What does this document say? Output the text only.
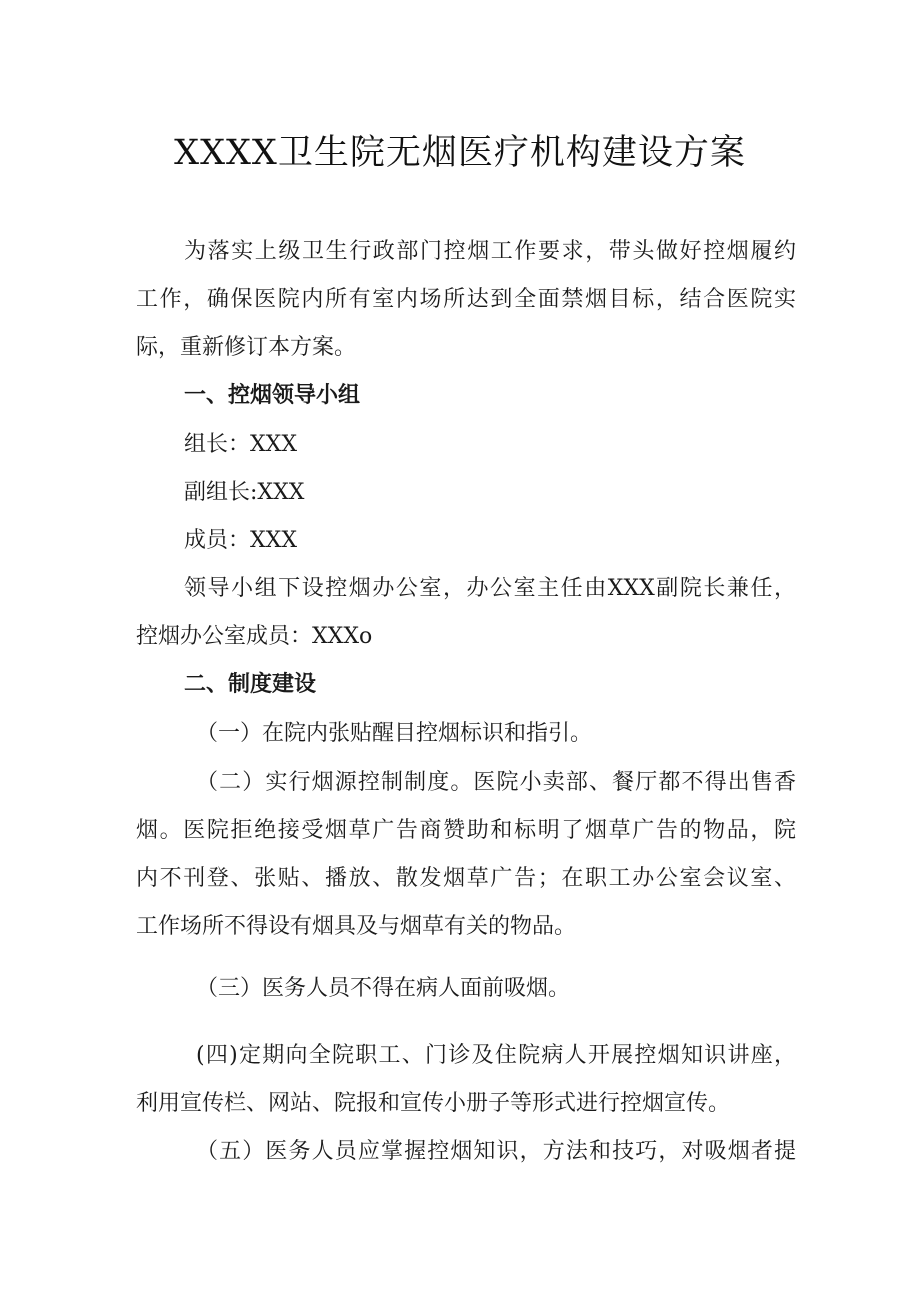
XXXX卫生院无烟医疗机构建设方案
为落实上级卫生行政部门控烟工作要求，带头做好控烟履约
工作，确保医院内所有室内场所达到全面禁烟目标，结合医院实
际，重新修订本方案。
一、控烟领导小组
组长：XXX
副组长:XXX
成员：XXX
领导小组下设控烟办公室，办公室主任由XXX副院长兼任，
控烟办公室成员：XXXo
二、制度建设
（一）在院内张贴醒目控烟标识和指引。
（二）实行烟源控制制度。医院小卖部、餐厅都不得出售香
烟。医院拒绝接受烟草广告商赞助和标明了烟草广告的物品，院
内不刊登、张贴、播放、散发烟草广告；在职工办公室会议室、
工作场所不得设有烟具及与烟草有关的物品。
（三）医务人员不得在病人面前吸烟。
(四)定期向全院职工、门诊及住院病人开展控烟知识讲座，
利用宣传栏、网站、院报和宣传小册子等形式进行控烟宣传。
（五）医务人员应掌握控烟知识，方法和技巧，对吸烟者提
